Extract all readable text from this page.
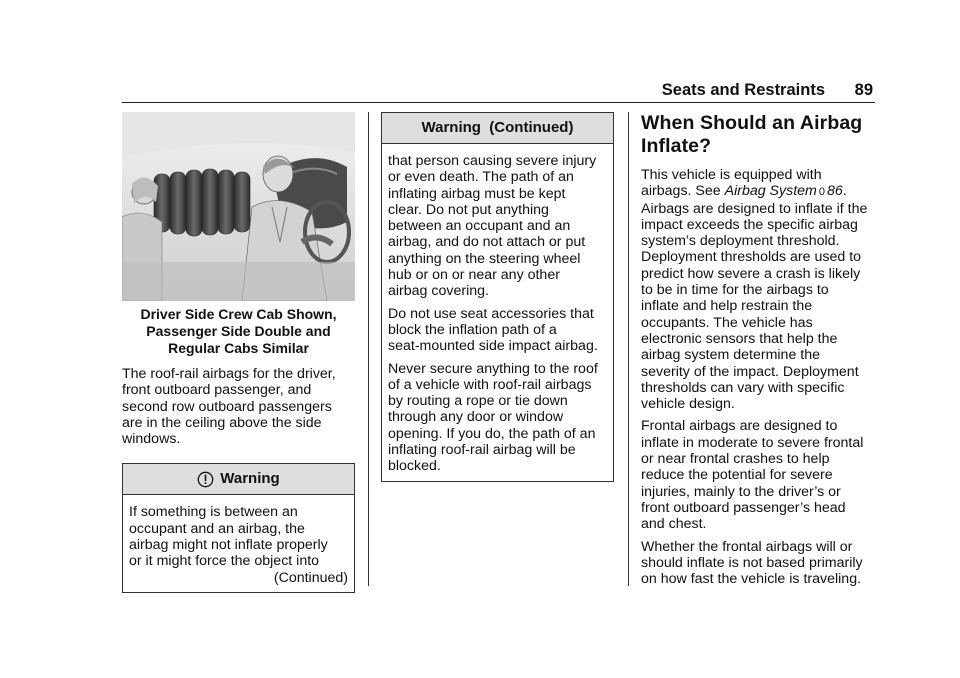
Seats and Restraints 89
Driver Side Crew Cab Shown,
Passenger Side Double and
Regular Cabs Similar
The roof-rail airbags for the driver,
front outboard passenger, and
second row outboard passengers
are in the ceiling above the side
windows.
Warning
If something is between an
occupant and an airbag, the
airbag might not inflate properly
or it might force the object into
(Continued)
Warning  (Continued)

that person causing severe injury
or even death. The path of an
inflating airbag must be kept
clear. Do not put anything
between an occupant and an
airbag, and do not attach or put
anything on the steering wheel
hub or on or near any other
airbag covering.

Do not use seat accessories that
block the inflation path of a
seat-mounted side impact airbag.

Never secure anything to the roof
of a vehicle with roof-rail airbags
by routing a rope or tie down
through any door or window
opening. If you do, the path of an
inflating roof-rail airbag will be
blocked.

When Should an Airbag
Inflate?

This vehicle is equipped with
airbags. See Airbag System 0 86.
Airbags are designed to inflate if the
impact exceeds the specific airbag
system’s deployment threshold.
Deployment thresholds are used to
predict how severe a crash is likely
to be in time for the airbags to
inflate and help restrain the
occupants. The vehicle has
electronic sensors that help the
airbag system determine the
severity of the impact. Deployment
thresholds can vary with specific
vehicle design.

Frontal airbags are designed to
inflate in moderate to severe frontal
or near frontal crashes to help
reduce the potential for severe
injuries, mainly to the driver’s or
front outboard passenger’s head
and chest.

Whether the frontal airbags will or
should inflate is not based primarily
on how fast the vehicle is traveling.
